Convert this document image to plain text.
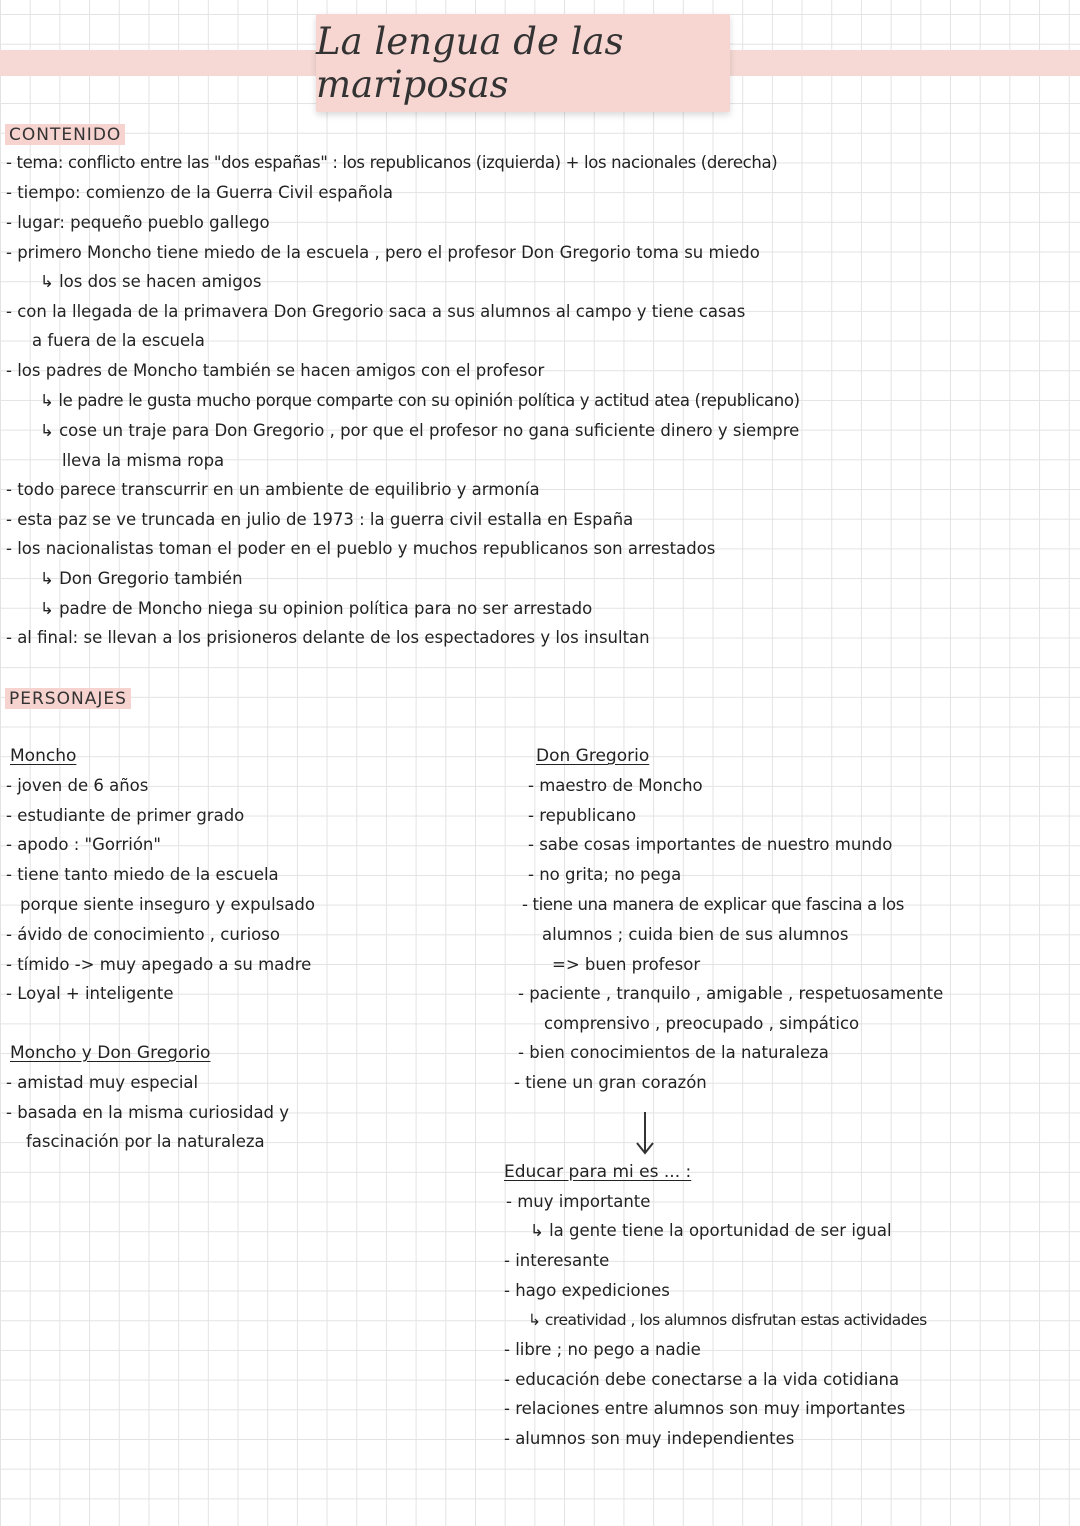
La lengua de las mariposas
CONTENIDO
- tema: conflicto entre las "dos españas" : los republicanos (izquierda) + los nacionales (derecha)
- tiempo: comienzo de la Guerra Civil española
- lugar: pequeño pueblo gallego
- primero Moncho tiene miedo de la escuela , pero el profesor Don Gregorio toma su miedo
↳ los dos se hacen amigos
- con la llegada de la primavera Don Gregorio saca a sus alumnos al campo y tiene casas
a fuera de la escuela
- los padres de Moncho también se hacen amigos con el profesor
↳ le padre le gusta mucho porque comparte con su opinión política y actitud atea (republicano)
↳ cose un traje para Don Gregorio , por que el profesor no gana suficiente dinero y siempre
lleva la misma ropa
- todo parece transcurrir en un ambiente de equilibrio y armonía
- esta paz se ve truncada en julio de 1973 : la guerra civil estalla en España
- los nacionalistas toman el poder en el pueblo y muchos republicanos son arrestados
↳ Don Gregorio también
↳ padre de Moncho niega su opinion política para no ser arrestado
- al final: se llevan a los prisioneros delante de los espectadores y los insultan
PERSONAJES
Moncho
- joven de 6 años
- estudiante de primer grado
- apodo : "Gorrión"
- tiene tanto miedo de la escuela
porque siente inseguro y expulsado
- ávido de conocimiento , curioso
- tímido -> muy apegado a su madre
- Loyal + inteligente
Moncho y Don Gregorio
- amistad muy especial
- basada en la misma curiosidad y
fascinación por la naturaleza
Don Gregorio
- maestro de Moncho
- republicano
- sabe cosas importantes de nuestro mundo
- no grita; no pega
- tiene una manera de explicar que fascina a los
alumnos ; cuida bien de sus alumnos
=> buen profesor
- paciente , tranquilo , amigable , respetuosamente
comprensivo , preocupado , simpático
- bien conocimientos de la naturaleza
- tiene un gran corazón
Educar para mi es ... :
- muy importante
↳ la gente tiene la oportunidad de ser igual
- interesante
- hago expediciones
↳ creatividad , los alumnos disfrutan estas actividades
- libre ; no pego a nadie
- educación debe conectarse a la vida cotidiana
- relaciones entre alumnos son muy importantes
- alumnos son muy independientes
